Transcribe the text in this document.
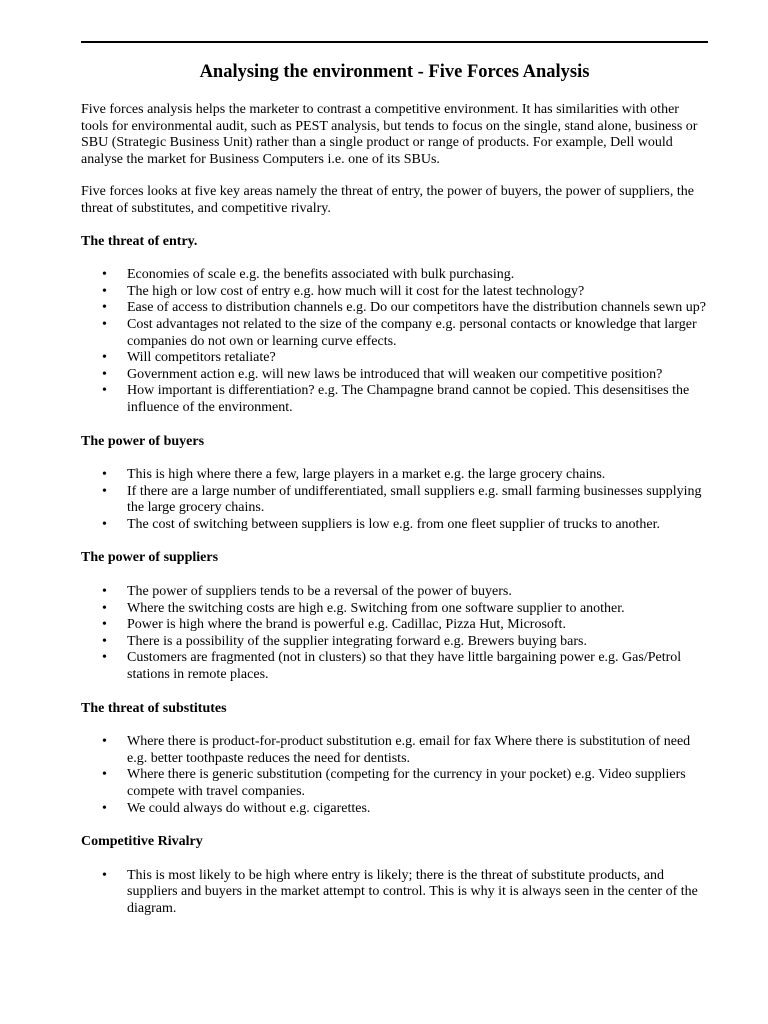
Analysing the environment - Five Forces Analysis

Five forces analysis helps the marketer to contrast a competitive environment. It has similarities with other tools for environmental audit, such as PEST analysis, but tends to focus on the single, stand alone, business or SBU (Strategic Business Unit) rather than a single product or range of products. For example, Dell would analyse the market for Business Computers i.e. one of its SBUs.

Five forces looks at five key areas namely the threat of entry, the power of buyers, the power of suppliers, the threat of substitutes, and competitive rivalry.

The threat of entry.
• Economies of scale e.g. the benefits associated with bulk purchasing.
• The high or low cost of entry e.g. how much will it cost for the latest technology?
• Ease of access to distribution channels e.g. Do our competitors have the distribution channels sewn up?
• Cost advantages not related to the size of the company e.g. personal contacts or knowledge that larger companies do not own or learning curve effects.
• Will competitors retaliate?
• Government action e.g. will new laws be introduced that will weaken our competitive position?
• How important is differentiation? e.g. The Champagne brand cannot be copied. This desensitises the influence of the environment.
The power of buyers
• This is high where there a few, large players in a market e.g. the large grocery chains.
• If there are a large number of undifferentiated, small suppliers e.g. small farming businesses supplying the large grocery chains.
• The cost of switching between suppliers is low e.g. from one fleet supplier of trucks to another.
The power of suppliers
• The power of suppliers tends to be a reversal of the power of buyers.
• Where the switching costs are high e.g. Switching from one software supplier to another.
• Power is high where the brand is powerful e.g. Cadillac, Pizza Hut, Microsoft.
• There is a possibility of the supplier integrating forward e.g. Brewers buying bars.
• Customers are fragmented (not in clusters) so that they have little bargaining power e.g. Gas/Petrol stations in remote places.
The threat of substitutes
• Where there is product-for-product substitution e.g. email for fax Where there is substitution of need e.g. better toothpaste reduces the need for dentists.
• Where there is generic substitution (competing for the currency in your pocket) e.g. Video suppliers compete with travel companies.
• We could always do without e.g. cigarettes.
Competitive Rivalry
• This is most likely to be high where entry is likely; there is the threat of substitute products, and suppliers and buyers in the market attempt to control. This is why it is always seen in the center of the diagram.
